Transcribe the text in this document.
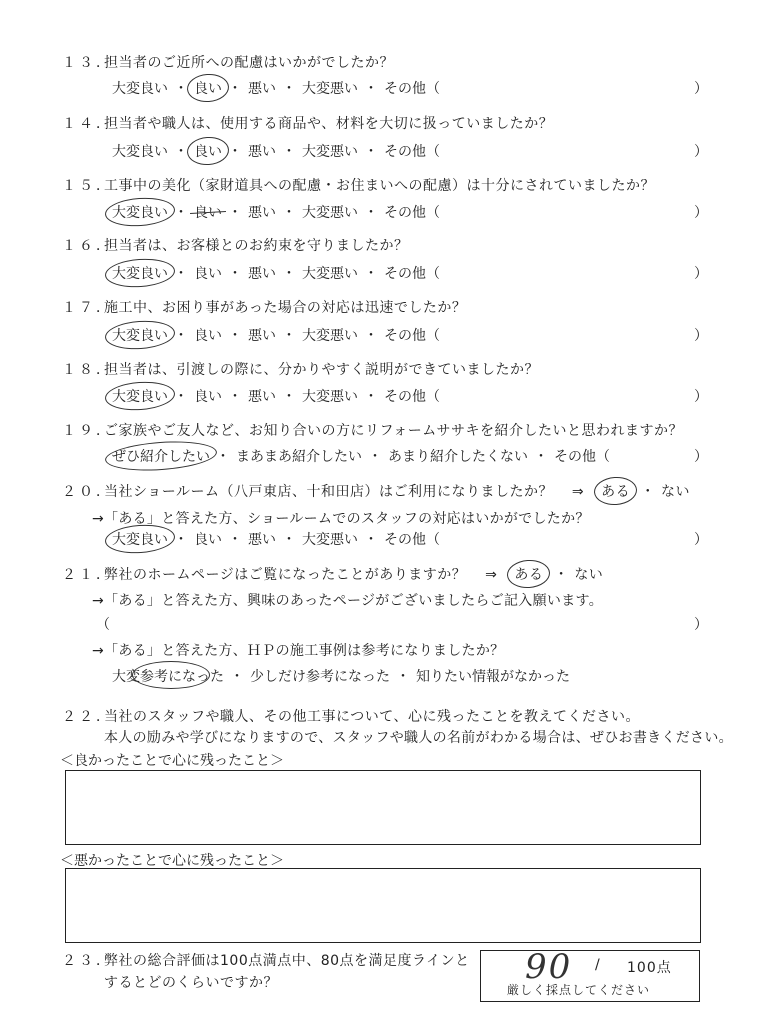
１３．担当者のご近所への配慮はいかがでしたか？
大変良い ・ 良い ・ 悪い ・ 大変悪い ・ その他（	）
１４．担当者や職人は、使用する商品や、材料を大切に扱っていましたか？
大変良い ・ 良い ・ 悪い ・ 大変悪い ・ その他（	）
１５．工事中の美化（家財道具への配慮・お住まいへの配慮）は十分にされていましたか？
大変良い ・ 良い ・ 悪い ・ 大変悪い ・ その他（	）
１６．担当者は、お客様とのお約束を守りましたか？
大変良い ・ 良い ・ 悪い ・ 大変悪い ・ その他（	）
１７．施工中、お困り事があった場合の対応は迅速でしたか？
大変良い ・ 良い ・ 悪い ・ 大変悪い ・ その他（	）
１８．担当者は、引渡しの際に、分かりやすく説明ができていましたか？
大変良い ・ 良い ・ 悪い ・ 大変悪い ・ その他（	）
１９．ご家族やご友人など、お知り合いの方にリフォームササキを紹介したいと思われますか？
ぜひ紹介したい ・ まあまあ紹介したい ・ あまり紹介したくない ・ その他（	）
２０．当社ショールーム（八戸東店、十和田店）はご利用になりましたか？ ⇒ ある ・ ない
→「ある」と答えた方、ショールームでのスタッフの対応はいかがでしたか？
大変良い ・ 良い ・ 悪い ・ 大変悪い ・ その他（	）
２１．弊社のホームページはご覧になったことがありますか？ ⇒ ある ・ ない
→「ある」と答えた方、興味のあったページがございましたらご記入願います。
（	）
→「ある」と答えた方、ＨＰの施工事例は参考になりましたか？
大変参考になった ・ 少しだけ参考になった ・ 知りたい情報がなかった
２２．当社のスタッフや職人、その他工事について、心に残ったことを教えてください。
本人の励みや学びになりますので、スタッフや職人の名前がわかる場合は、ぜひお書きください。
＜良かったことで心に残ったこと＞
＜悪かったことで心に残ったこと＞
２３．弊社の総合評価は100点満点中、80点を満足度ラインと
するとどのくらいですか？	90 / 100点
厳しく採点してください
